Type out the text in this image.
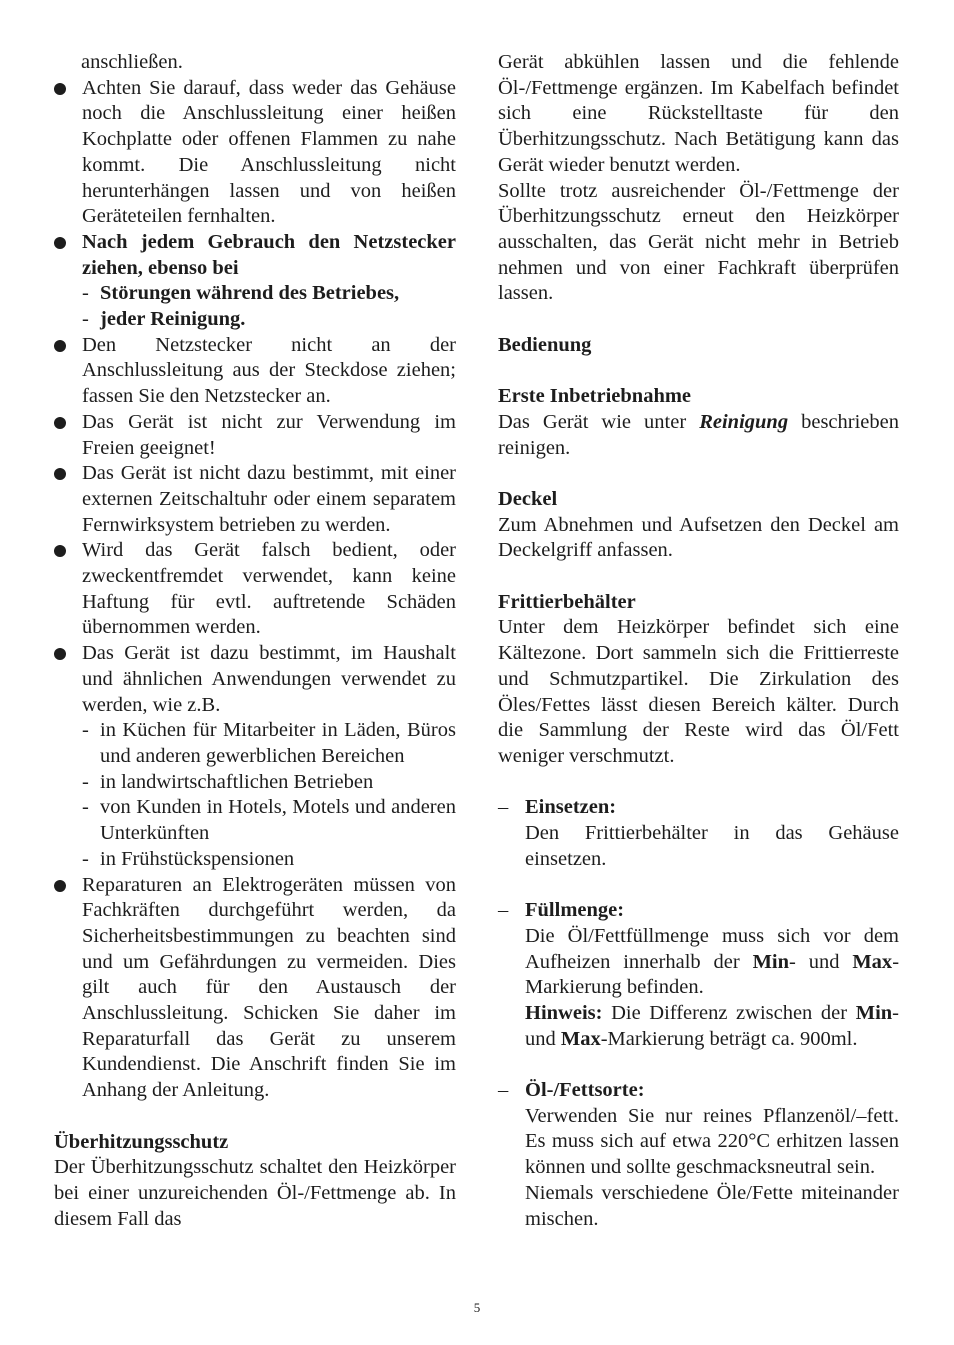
anschließen.

Achten Sie darauf, dass weder das Gehäuse noch die Anschlussleitung einer heißen Kochplatte oder offenen Flammen zu nahe kommt. Die Anschlussleitung nicht herunterhängen lassen und von heißen Geräteteilen fernhalten.
Nach jedem Gebrauch den Netzstecker ziehen, ebenso bei
- Störungen während des Betriebes,
- jeder Reinigung.
Den Netzstecker nicht an der Anschlussleitung aus der Steckdose ziehen; fassen Sie den Netzstecker an.
Das Gerät ist nicht zur Verwendung im Freien geeignet!
Das Gerät ist nicht dazu bestimmt, mit einer externen Zeitschaltuhr oder einem separatem Fernwirksystem betrieben zu werden.
Wird das Gerät falsch bedient, oder zweckentfremdet verwendet, kann keine Haftung für evtl. auftretende Schäden übernommen werden.
Das Gerät ist dazu bestimmt, im Haushalt und ähnlichen Anwendungen verwendet zu werden, wie z.B.
- in Küchen für Mitarbeiter in Läden, Büros und anderen gewerblichen Bereichen
- in landwirtschaftlichen Betrieben
- von Kunden in Hotels, Motels und anderen Unterkünften
- in Frühstückspensionen
Reparaturen an Elektrogeräten müssen von Fachkräften durchgeführt werden, da Sicherheitsbestimmungen zu beachten sind und um Gefährdungen zu vermeiden. Dies gilt auch für den Austausch der Anschlussleitung. Schicken Sie daher im Reparaturfall das Gerät zu unserem Kundendienst. Die Anschrift finden Sie im Anhang der Anleitung.

Überhitzungsschutz

Der Überhitzungsschutz schaltet den Heizkörper bei einer unzureichenden Öl-/Fettmenge ab. In diesem Fall das

Gerät abkühlen lassen und die fehlende Öl-/Fettmenge ergänzen. Im Kabelfach befindet sich eine Rückstelltaste für den Überhitzungsschutz. Nach Betätigung kann das Gerät wieder benutzt werden.

Sollte trotz ausreichender Öl-/Fettmenge der Überhitzungsschutz erneut den Heizkörper ausschalten, das Gerät nicht mehr in Betrieb nehmen und von einer Fachkraft überprüfen lassen.

Bedienung

Erste Inbetriebnahme

Das Gerät wie unter Reinigung beschrieben reinigen.

Deckel

Zum Abnehmen und Aufsetzen den Deckel am Deckelgriff anfassen.

Frittierbehälter

Unter dem Heizkörper befindet sich eine Kältezone. Dort sammeln sich die Frittierreste und Schmutzpartikel. Die Zirkulation des Öles/Fettes lässt diesen Bereich kälter. Durch die Sammlung der Reste wird das Öl/Fett weniger verschmutzt.

– Einsetzen:

Den Frittierbehälter in das Gehäuse einsetzen.

– Füllmenge:

Die Öl/Fettfüllmenge muss sich vor dem Aufheizen innerhalb der Min- und Max-Markierung befinden.

Hinweis: Die Differenz zwischen der Min- und Max-Markierung beträgt ca. 900ml.

– Öl-/Fettsorte:

Verwenden Sie nur reines Pflanzenöl/–fett. Es muss sich auf etwa 220°C erhitzen lassen können und sollte geschmacksneutral sein.

Niemals verschiedene Öle/Fette miteinander mischen.

5
